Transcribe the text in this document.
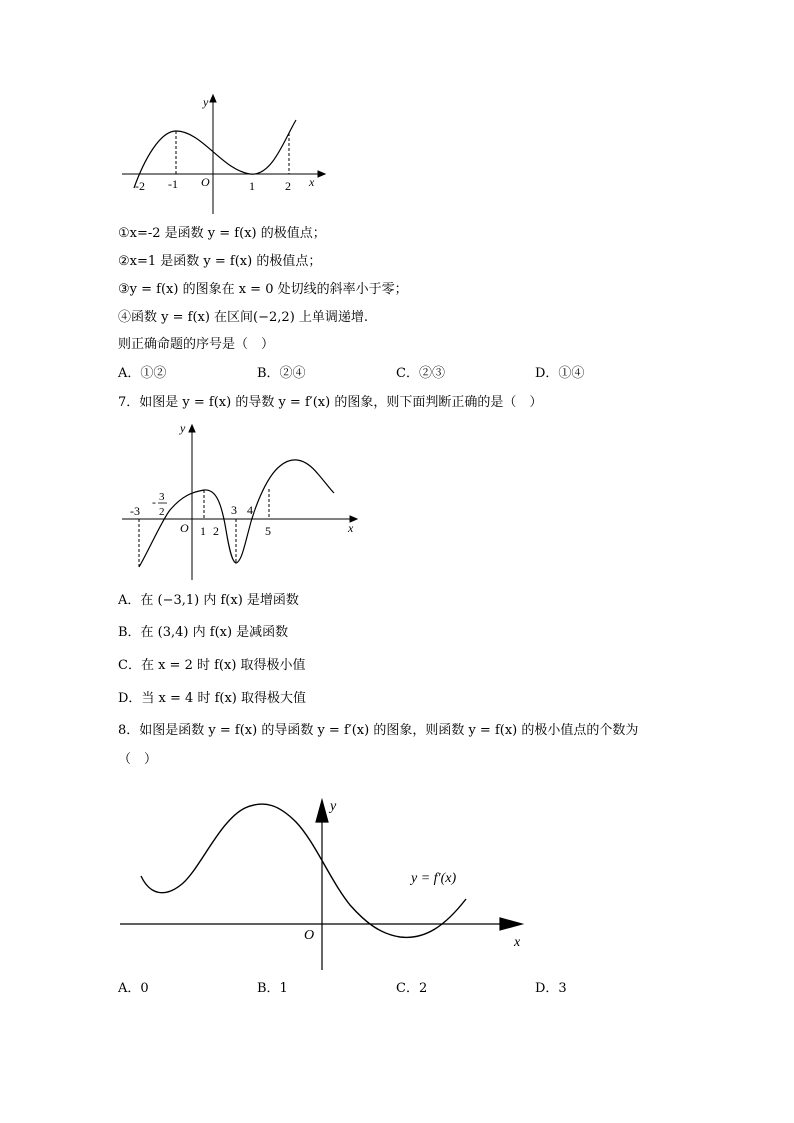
y
x
O
-2 -1	1	2
①x=-2 是函数 y = f(x) 的极值点；
②x=1 是函数 y = f(x) 的极值点；
③y = f(x) 的图象在 x = 0 处切线的斜率小于零；
④函数 y = f(x) 在区间(−2,2) 上单调递增.
则正确命题的序号是（　）
A．①②	B．②④	C．②③	D．①④
7．如图是 y = f(x) 的导数 y = f′(x) 的图象，则下面判断正确的是（　）
y
x
O
-3
- 3
2
1 2
3 4
5
A．在 (−3,1) 内 f(x) 是增函数
B．在 (3,4) 内 f(x) 是减函数
C．在 x = 2 时 f(x) 取得极小值
D．当 x = 4 时 f(x) 取得极大值
8．如图是函数 y = f(x) 的导函数 y = f′(x) 的图象，则函数 y = f(x) 的极小值点的个数为
（　）
y
x
O
y = f′(x)
A．0	B．1	C．2	D．3
